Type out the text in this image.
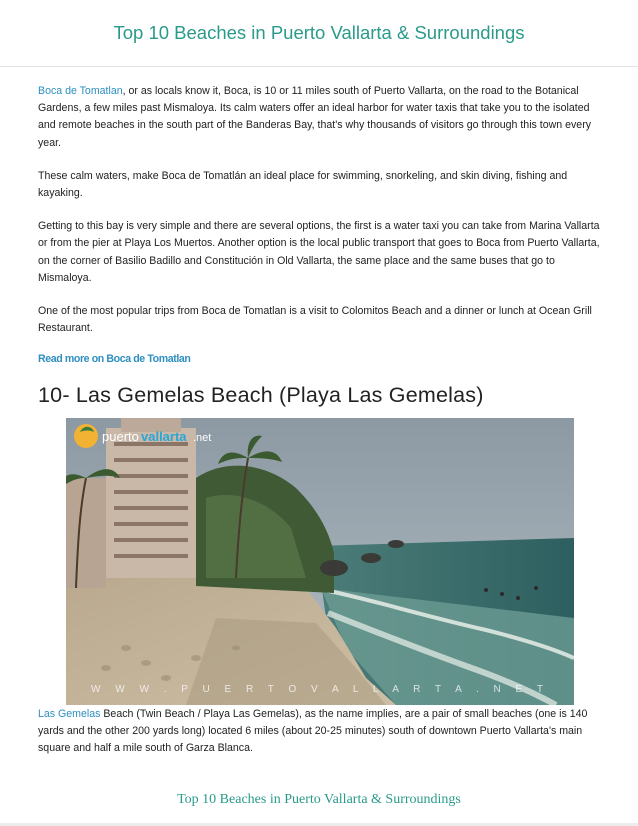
Top 10 Beaches in Puerto Vallarta & Surroundings

Boca de Tomatlan, or as locals know it, Boca, is 10 or 11 miles south of Puerto Vallarta, on the road to the Botanical Gardens, a few miles past Mismaloya. Its calm waters offer an ideal harbor for water taxis that take you to the isolated and remote beaches in the south part of the Banderas Bay, that's why thousands of visitors go through this town every year.

These calm waters, make Boca de Tomatlán an ideal place for swimming, snorkeling, and skin diving, fishing and kayaking.

Getting to this bay is very simple and there are several options, the first is a water taxi you can take from Marina Vallarta or from the pier at Playa Los Muertos. Another option is the local public transport that goes to Boca from Puerto Vallarta, on the corner of Basilio Badillo and Constitución in Old Vallarta, the same place and the same buses that go to Mismaloya.

One of the most popular trips from Boca de Tomatlan is a visit to Colomitos Beach and a dinner or lunch at Ocean Grill Restaurant.

Read more on Boca de Tomatlan
10- Las Gemelas Beach (Playa Las Gemelas)
puerto vallarta .net
W W W . P U E R T O V A L L A R T A . N E T
Las Gemelas Beach (Twin Beach / Playa Las Gemelas), as the name implies, are a pair of small beaches (one is 140 yards and the other 200 yards long) located 6 miles (about 20-25 minutes) south of downtown Puerto Vallarta's main square and half a mile south of Garza Blanca.
Top 10 Beaches in Puerto Vallarta & Surroundings
